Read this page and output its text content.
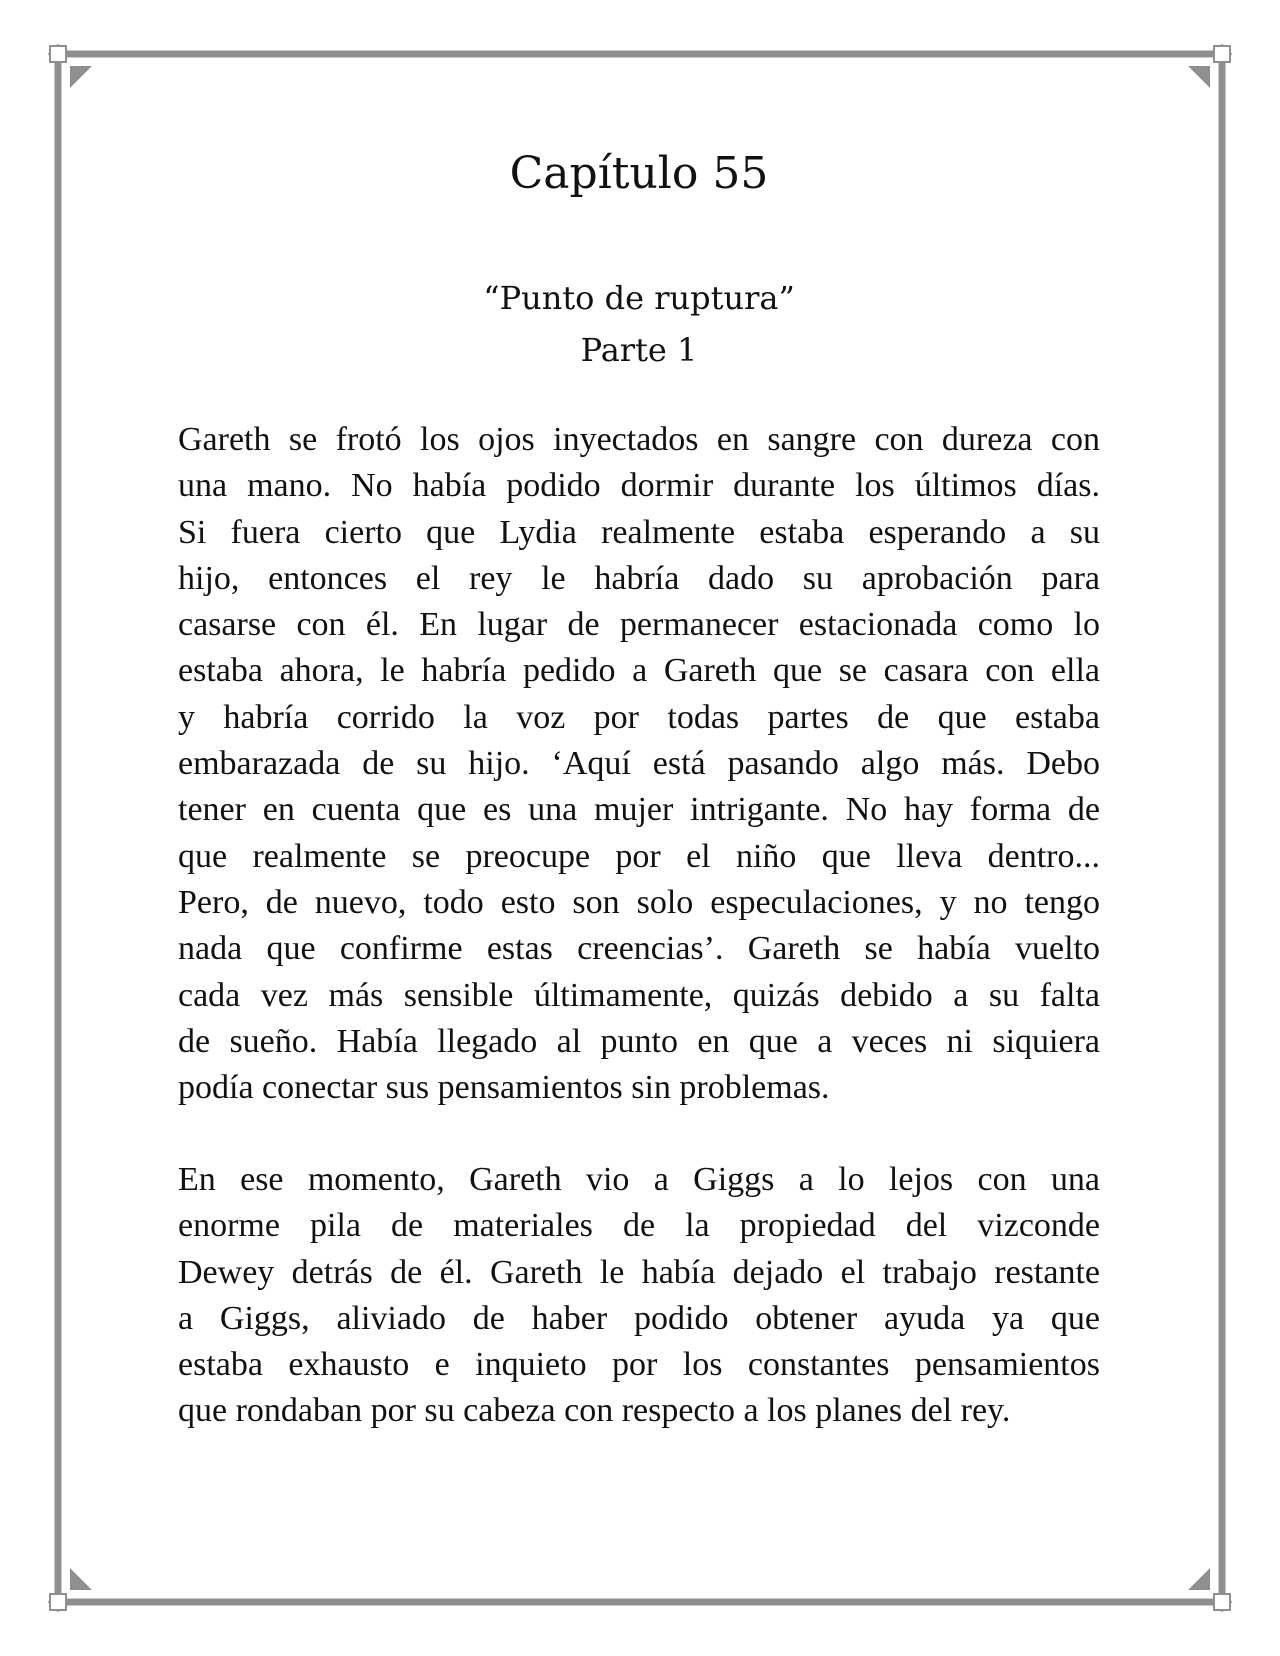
Capítulo 55
“Punto de ruptura”
Parte 1

Gareth se frotó los ojos inyectados en sangre con dureza con
una mano. No había podido dormir durante los últimos días.
Si fuera cierto que Lydia realmente estaba esperando a su
hijo, entonces el rey le habría dado su aprobación para
casarse con él. En lugar de permanecer estacionada como lo
estaba ahora, le habría pedido a Gareth que se casara con ella
y habría corrido la voz por todas partes de que estaba
embarazada de su hijo. ‘Aquí está pasando algo más. Debo
tener en cuenta que es una mujer intrigante. No hay forma de
que realmente se preocupe por el niño que lleva dentro...
Pero, de nuevo, todo esto son solo especulaciones, y no tengo
nada que confirme estas creencias’. Gareth se había vuelto
cada vez más sensible últimamente, quizás debido a su falta
de sueño. Había llegado al punto en que a veces ni siquiera
podía conectar sus pensamientos sin problemas.

En ese momento, Gareth vio a Giggs a lo lejos con una
enorme pila de materiales de la propiedad del vizconde
Dewey detrás de él. Gareth le había dejado el trabajo restante
a Giggs, aliviado de haber podido obtener ayuda ya que
estaba exhausto e inquieto por los constantes pensamientos
que rondaban por su cabeza con respecto a los planes del rey.
